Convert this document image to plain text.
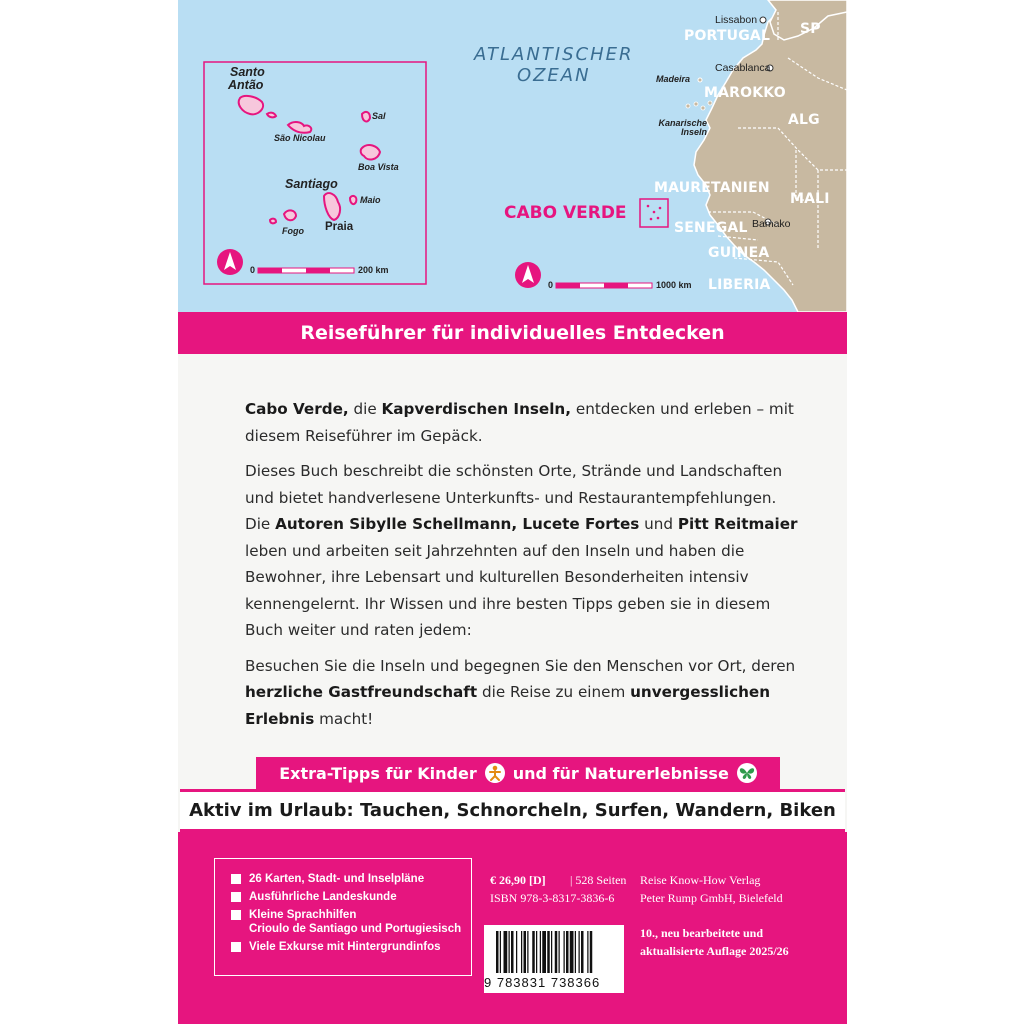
ATLANTISCHER
OZEAN
SP
PORTUGAL
MAROKKO
ALG
MAURETANIEN
MALI
SENEGAL
GUINEA
LIBERIA
Lissabon
Casablanca
Bamako
Madeira
Kanarische
Inseln
CABO VERDE
Santo
Antão
São Nicolau
Sal
Boa Vista
Santiago
Maio
Praia
Fogo
0	200 km
0	1000 km
Reiseführer für individuelles Entdecken

Cabo Verde, die Kapverdischen Inseln, entdecken und erleben – mit diesem Reiseführer im Gepäck.

Dieses Buch beschreibt die schönsten Orte, Strände und Landschaften und bietet handverlesene Unterkunfts- und Restaurantempfehlungen. Die Autoren Sibylle Schellmann, Lucete Fortes und Pitt Reitmaier leben und arbeiten seit Jahrzehnten auf den Inseln und haben die Bewohner, ihre Lebensart und kulturellen Besonderheiten intensiv kennengelernt. Ihr Wissen und ihre besten Tipps geben sie in diesem Buch weiter und raten jedem:

Besuchen Sie die Inseln und begegnen Sie den Menschen vor Ort, deren herzliche Gastfreundschaft die Reise zu einem unvergesslichen Erlebnis macht!

Extra-Tipps für Kinder und für Naturerlebnisse
Aktiv im Urlaub: Tauchen, Schnorcheln, Surfen, Wandern, Biken
26 Karten, Stadt- und Inselpläne
Ausführliche Landeskunde
Kleine Sprachhilfen
Crioulo de Santiago und Portugiesisch
Viele Exkurse mit Hintergrundinfos
€ 26,90 [D] | 528 Seiten
ISBN 978-3-8317-3836-6
Reise Know-How Verlag
Peter Rump GmbH, Bielefeld
10., neu bearbeitete und
aktualisierte Auflage 2025/26
9 783831 738366
